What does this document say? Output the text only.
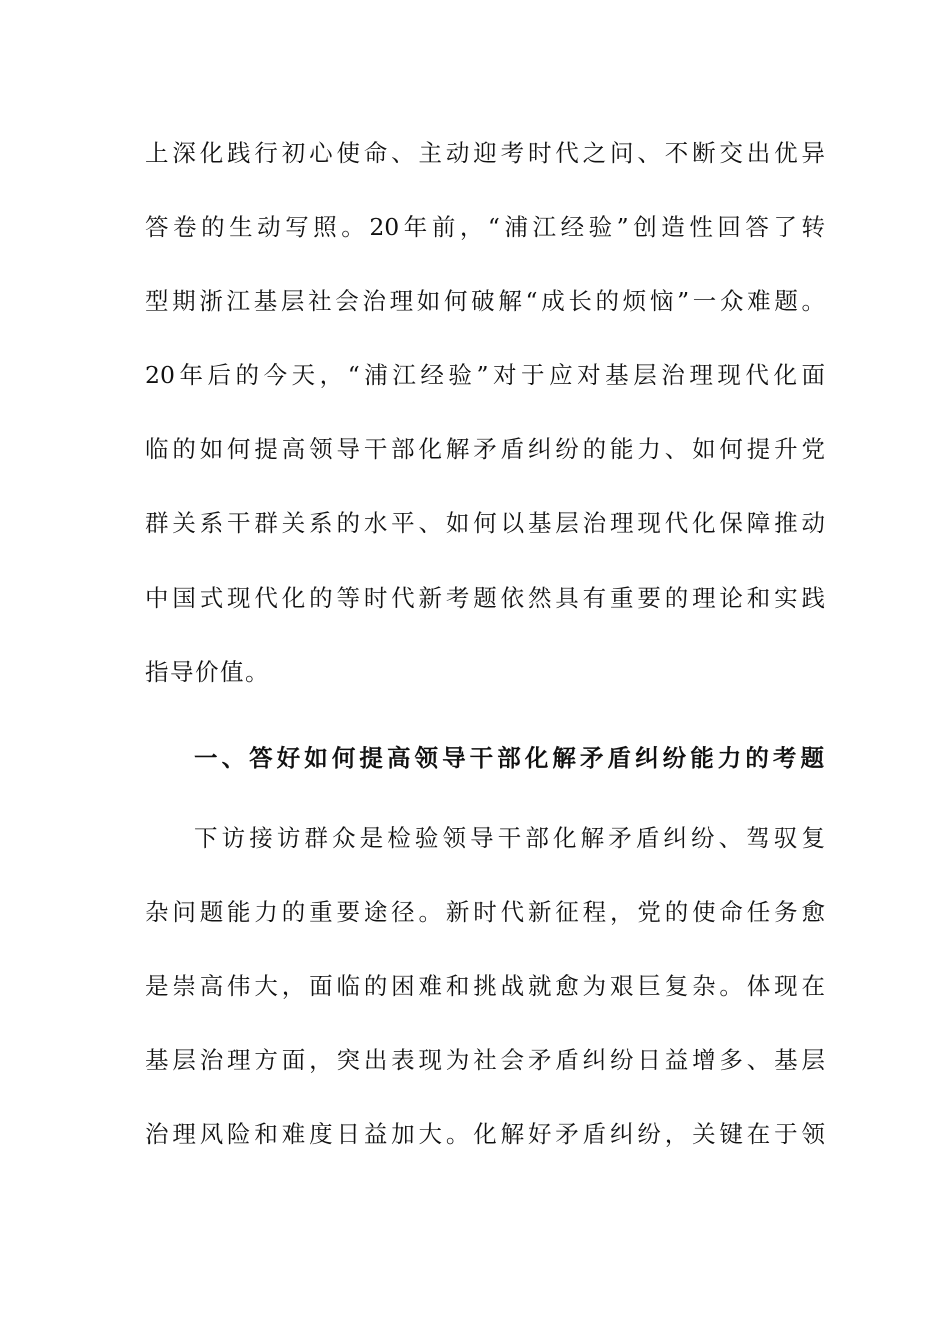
上深化践行初心使命、主动迎考时代之问、不断交出优异
答卷的生动写照。20年前，“浦江经验”创造性回答了转
型期浙江基层社会治理如何破解“成长的烦恼”一众难题。
20年后的今天，“浦江经验”对于应对基层治理现代化面
临的如何提高领导干部化解矛盾纠纷的能力、如何提升党
群关系干群关系的水平、如何以基层治理现代化保障推动
中国式现代化的等时代新考题依然具有重要的理论和实践
指导价值。
一、答好如何提高领导干部化解矛盾纠纷能力的考题
下访接访群众是检验领导干部化解矛盾纠纷、驾驭复
杂问题能力的重要途径。新时代新征程，党的使命任务愈
是崇高伟大，面临的困难和挑战就愈为艰巨复杂。体现在
基层治理方面，突出表现为社会矛盾纠纷日益增多、基层
治理风险和难度日益加大。化解好矛盾纠纷，关键在于领
